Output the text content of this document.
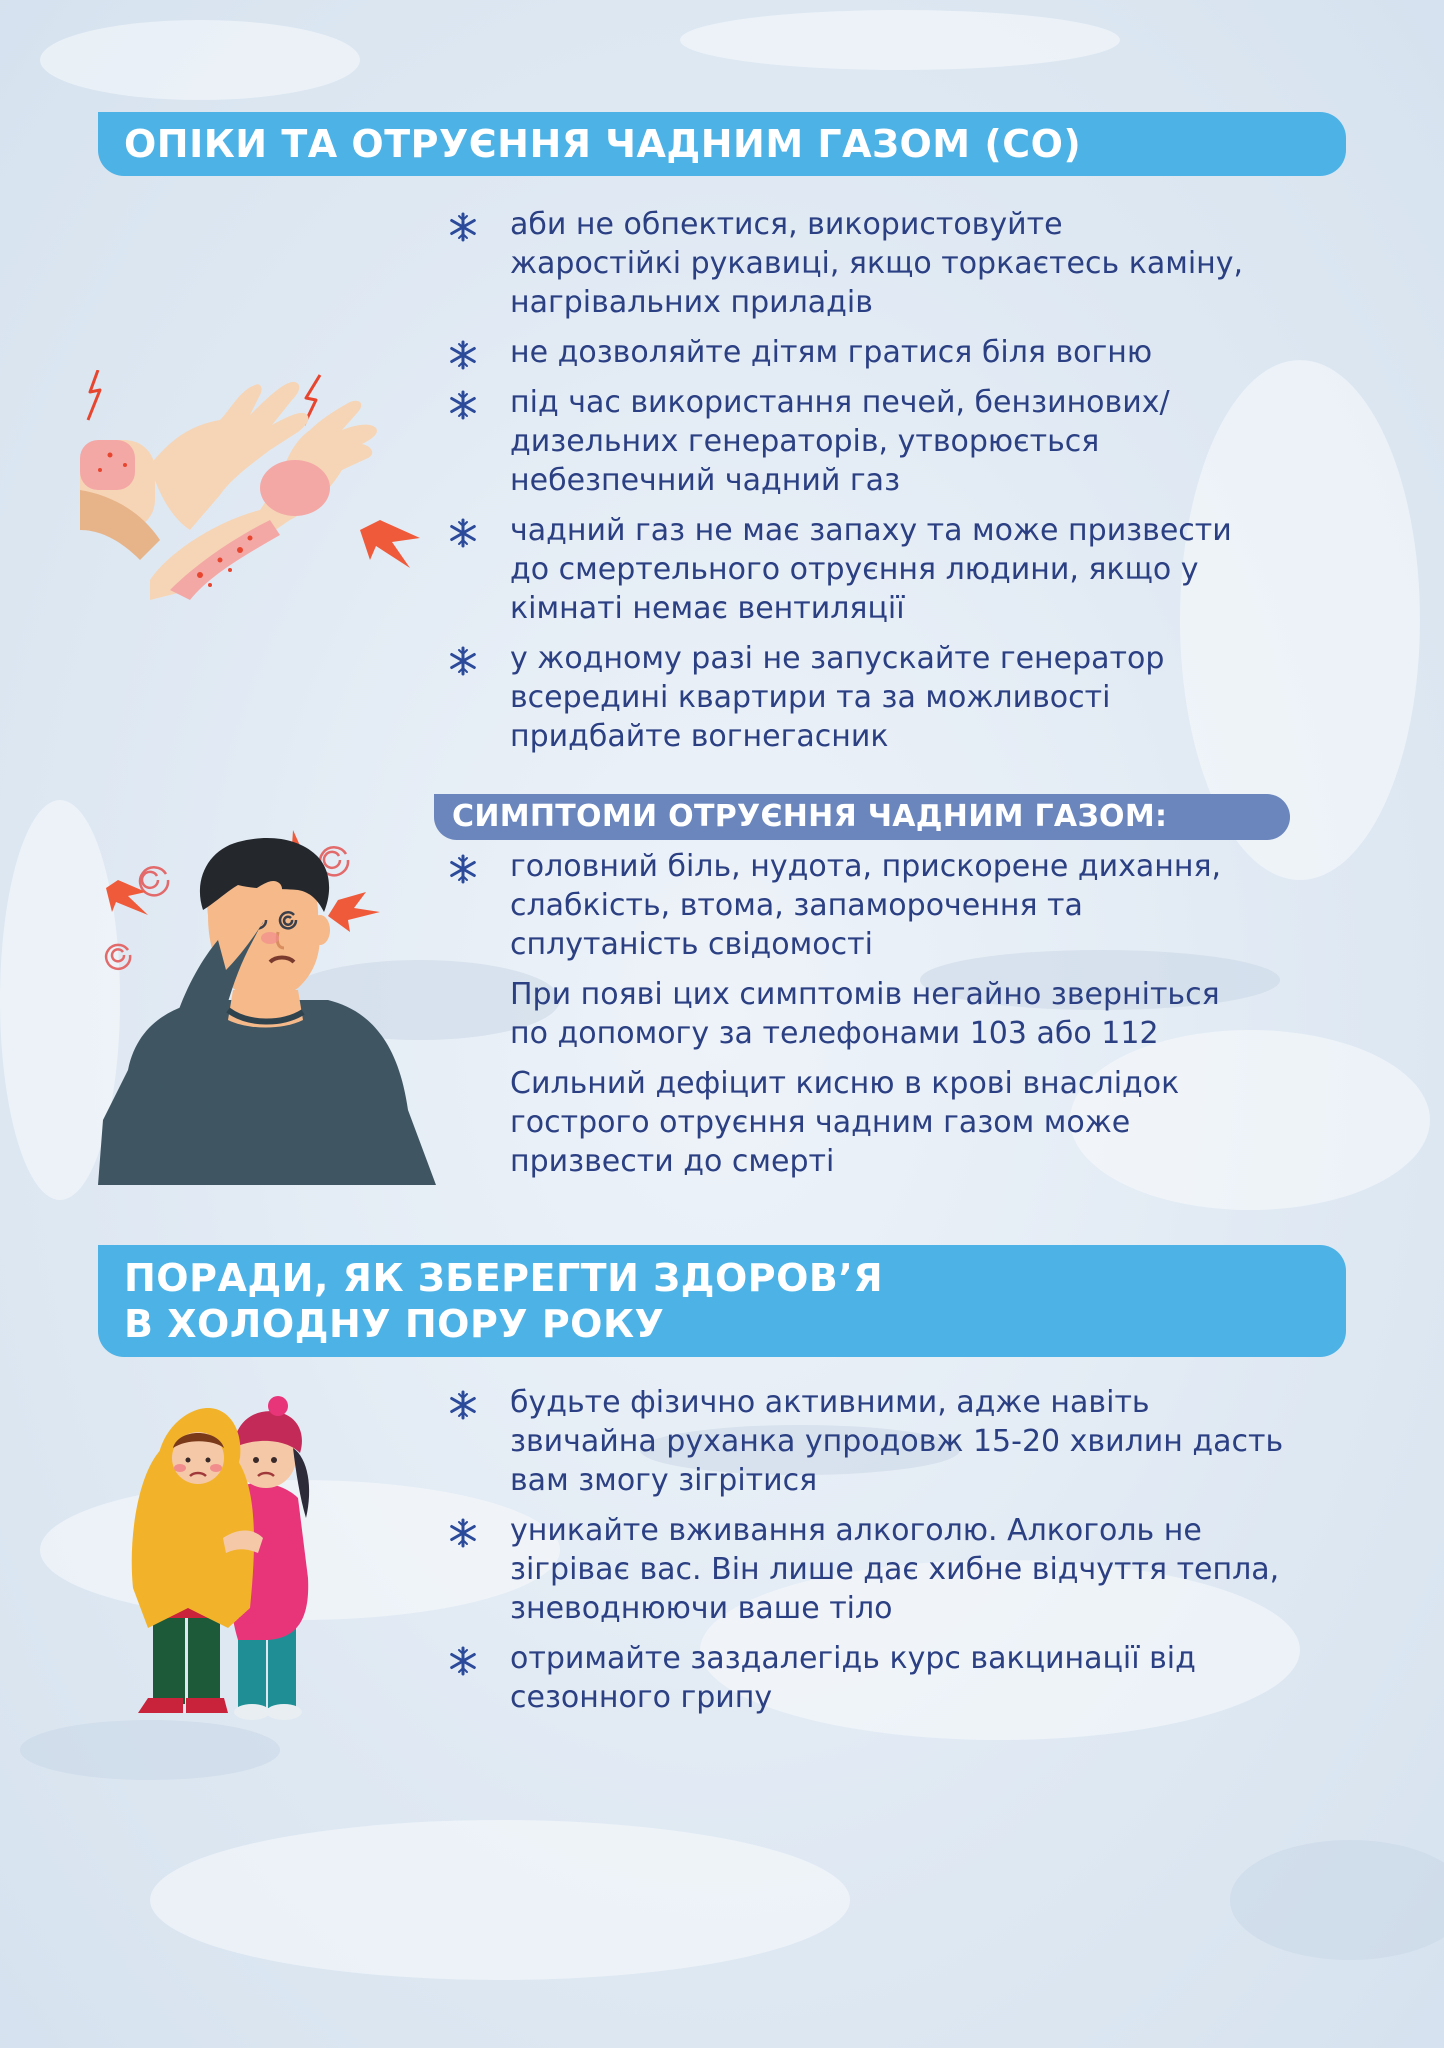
ОПІКИ ТА ОТРУЄННЯ ЧАДНИМ ГАЗОМ (СО)
аби не обпектися, використовуйте
жаростійкі рукавиці, якщо торкаєтесь каміну,
нагрівальних приладів
не дозволяйте дітям гратися біля вогню
під час використання печей, бензинових/
дизельних генераторів, утворюється
небезпечний чадний газ
чадний газ не має запаху та може призвести
до смертельного отруєння людини, якщо у
кімнаті немає вентиляції
у жодному разі не запускайте генератор
всередині квартири та за можливості
придбайте вогнегасник
СИМПТОМИ ОТРУЄННЯ ЧАДНИМ ГАЗОМ:
головний біль, нудота, прискорене дихання,
слабкість, втома, запаморочення та
сплутаність свідомості
При появі цих симптомів негайно зверніться
по допомогу за телефонами 103 або 112
Сильний дефіцит кисню в крові внаслідок
гострого отруєння чадним газом може
призвести до смерті
ПОРАДИ, ЯК ЗБЕРЕГТИ ЗДОРОВ’Я
В ХОЛОДНУ ПОРУ РОКУ
будьте фізично активними, адже навіть
звичайна руханка упродовж 15-20 хвилин дасть
вам змогу зігрітися
уникайте вживання алкоголю. Алкоголь не
зігріває вас. Він лише дає хибне відчуття тепла,
зневоднюючи ваше тіло
отримайте заздалегідь курс вакцинації від
сезонного грипу
